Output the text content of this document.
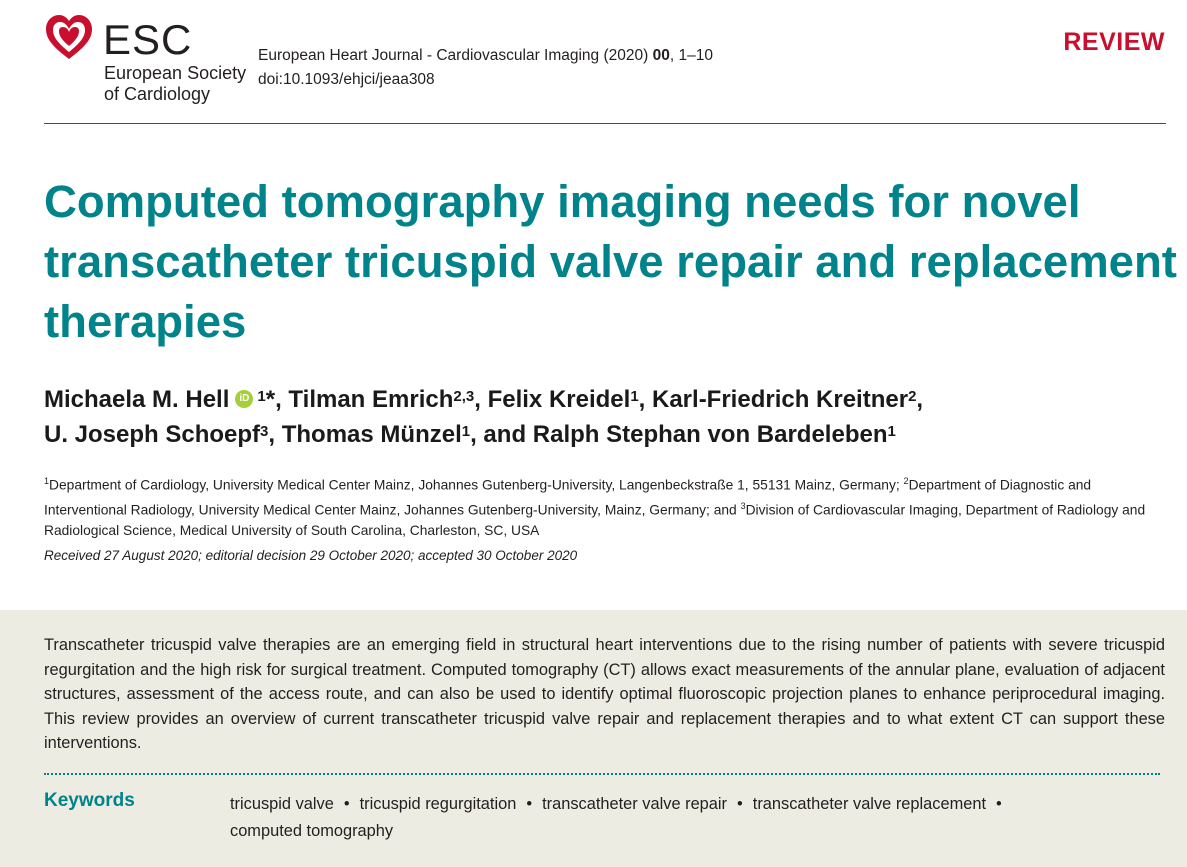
ESC
European Society
of Cardiology
European Heart Journal - Cardiovascular Imaging (2020) 00, 1–10
doi:10.1093/ehjci/jeaa308
REVIEW
Computed tomography imaging needs for novel transcatheter tricuspid valve repair and replacement therapies
Michaela M. Hell iD $^1$*, Tilman Emrich$^{2,3}$, Felix Kreidel$^1$, Karl-Friedrich Kreitner$^2$,
U. Joseph Schoepf$^3$, Thomas Münzel$^1$, and Ralph Stephan von Bardeleben$^1$
$^1$Department of Cardiology, University Medical Center Mainz, Johannes Gutenberg-University, Langenbeckstraße 1, 55131 Mainz, Germany; $^2$Department of Diagnostic and Interventional Radiology, University Medical Center Mainz, Johannes Gutenberg-University, Mainz, Germany; and $^3$Division of Cardiovascular Imaging, Department of Radiology and Radiological Science, Medical University of South Carolina, Charleston, SC, USA
Received 27 August 2020; editorial decision 29 October 2020; accepted 30 October 2020
Transcatheter tricuspid valve therapies are an emerging field in structural heart interventions due to the rising number of patients with severe tricuspid regurgitation and the high risk for surgical treatment. Computed tomography (CT) allows exact measurements of the annular plane, evaluation of adjacent structures, assessment of the access route, and can also be used to identify optimal fluoroscopic projection planes to enhance periprocedural imaging. This review provides an overview of current transcatheter tricuspid valve repair and replacement therapies and to what extent CT can support these interventions.
Keywords	tricuspid valve • tricuspid regurgitation • transcatheter valve repair • transcatheter valve replacement •
computed tomography
